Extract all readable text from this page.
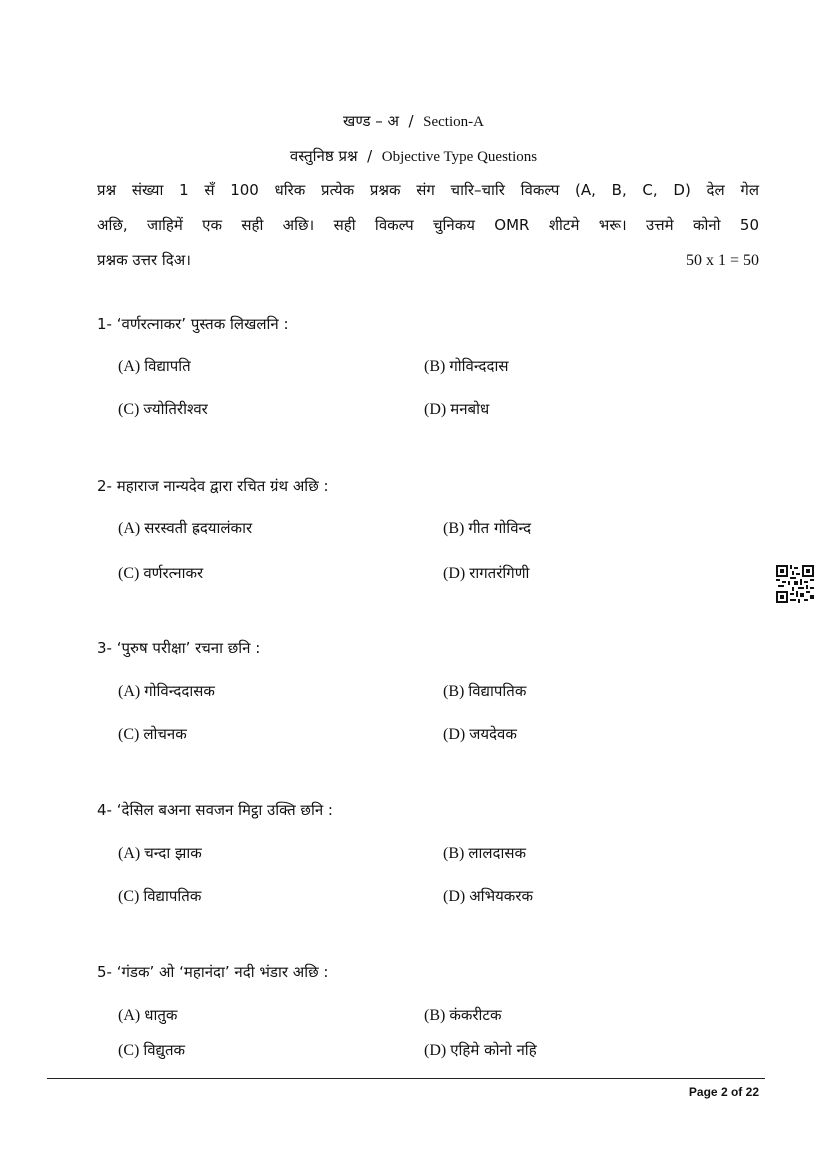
खण्ड – अ / Section-A
वस्तुनिष्ठ प्रश्न / Objective Type Questions
प्रश्न संख्या 1 सँ 100 धरिक प्रत्येक प्रश्नक संग चारि–चारि विकल्प (A, B, C, D) देल गेल
अछि, जाहिमें एक सही अछि। सही विकल्प चुनिकय OMR शीटमे भरू। उत्तमे कोनो 50
प्रश्नक उत्तर दिअ।	50 x 1 = 50
1- ‘वर्णरत्नाकर’ पुस्तक लिखलनि :
(A) विद्यापति	(B) गोविन्ददास
(C) ज्योतिरीश्वर	(D) मनबोध
2- महाराज नान्यदेव द्वारा रचित ग्रंथ अछि :
(A) सरस्वती ह्रदयालंकार	(B) गीत गोविन्द
(C) वर्णरत्नाकर	(D) रागतरंगिणी
3- ‘पुरुष परीक्षा’ रचना छनि :
(A) गोविन्ददासक	(B) विद्यापतिक
(C) लोचनक	(D) जयदेवक
4- ‘देसिल बअना सवजन मिट्ठा उक्ति छनि :
(A) चन्दा झाक	(B) लालदासक
(C) विद्यापतिक	(D) अभियकरक
5- ‘गंडक’ ओ ‘महानंदा’ नदी भंडार अछि :
(A) धातुक	(B) कंकरीटक
(C) विद्युतक	(D) एहिमे कोनो नहि
Page 2 of 22
